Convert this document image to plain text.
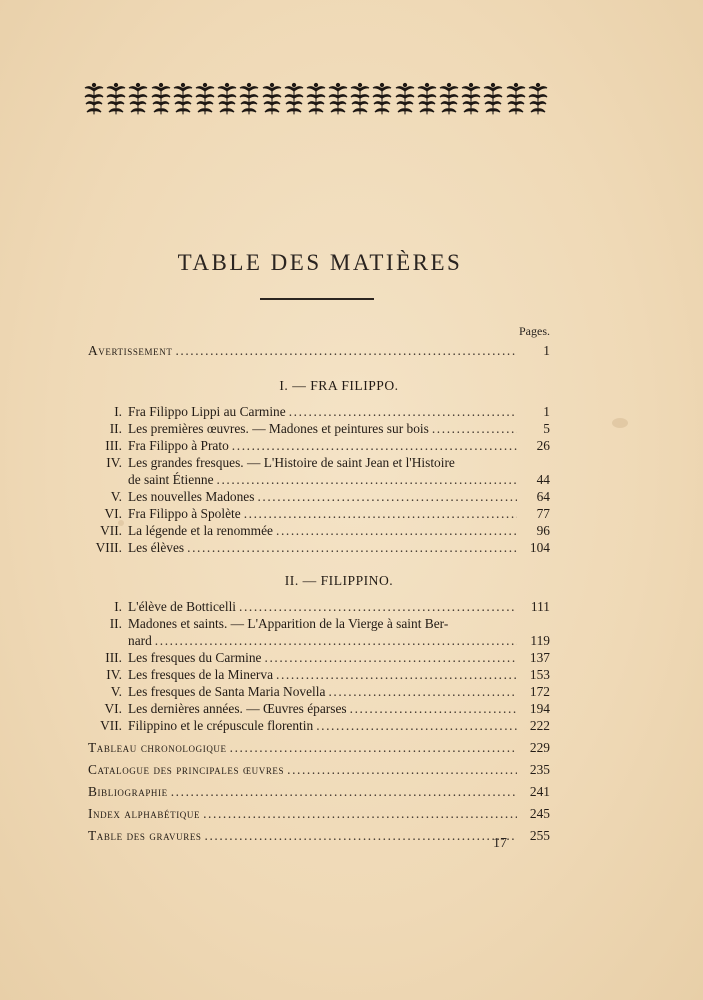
TABLE DES MATIÈRES
Pages.
Avertissement .....	1
I. — FRA FILIPPO.
I. Fra Filippo Lippi au Carmine .....	1
II. Les premières œuvres. — Madones et peintures sur bois .....	5
III. Fra Filippo à Prato .....	26
IV. Les grandes fresques. — L'Histoire de saint Jean et l'Histoire
de saint Étienne .....	44
V. Les nouvelles Madones .....	64
VI. Fra Filippo à Spolète .....	77
VII. La légende et la renommée .....	96
VIII. Les élèves .....	104
II. — FILIPPINO.
I. L'élève de Botticelli .....	111
II. Madones et saints. — L'Apparition de la Vierge à saint Ber-
nard .....	119
III. Les fresques du Carmine .....	137
IV. Les fresques de la Minerva .....	153
V. Les fresques de Santa Maria Novella .....	172
VI. Les dernières années. — Œuvres éparses .....	194
VII. Filippino et le crépuscule florentin .....	222
Tableau chronologique .....	229
Catalogue des principales œuvres .....	235
Bibliographie .....	241
Index alphabétique .....	245
Table des gravures .....	255
17
